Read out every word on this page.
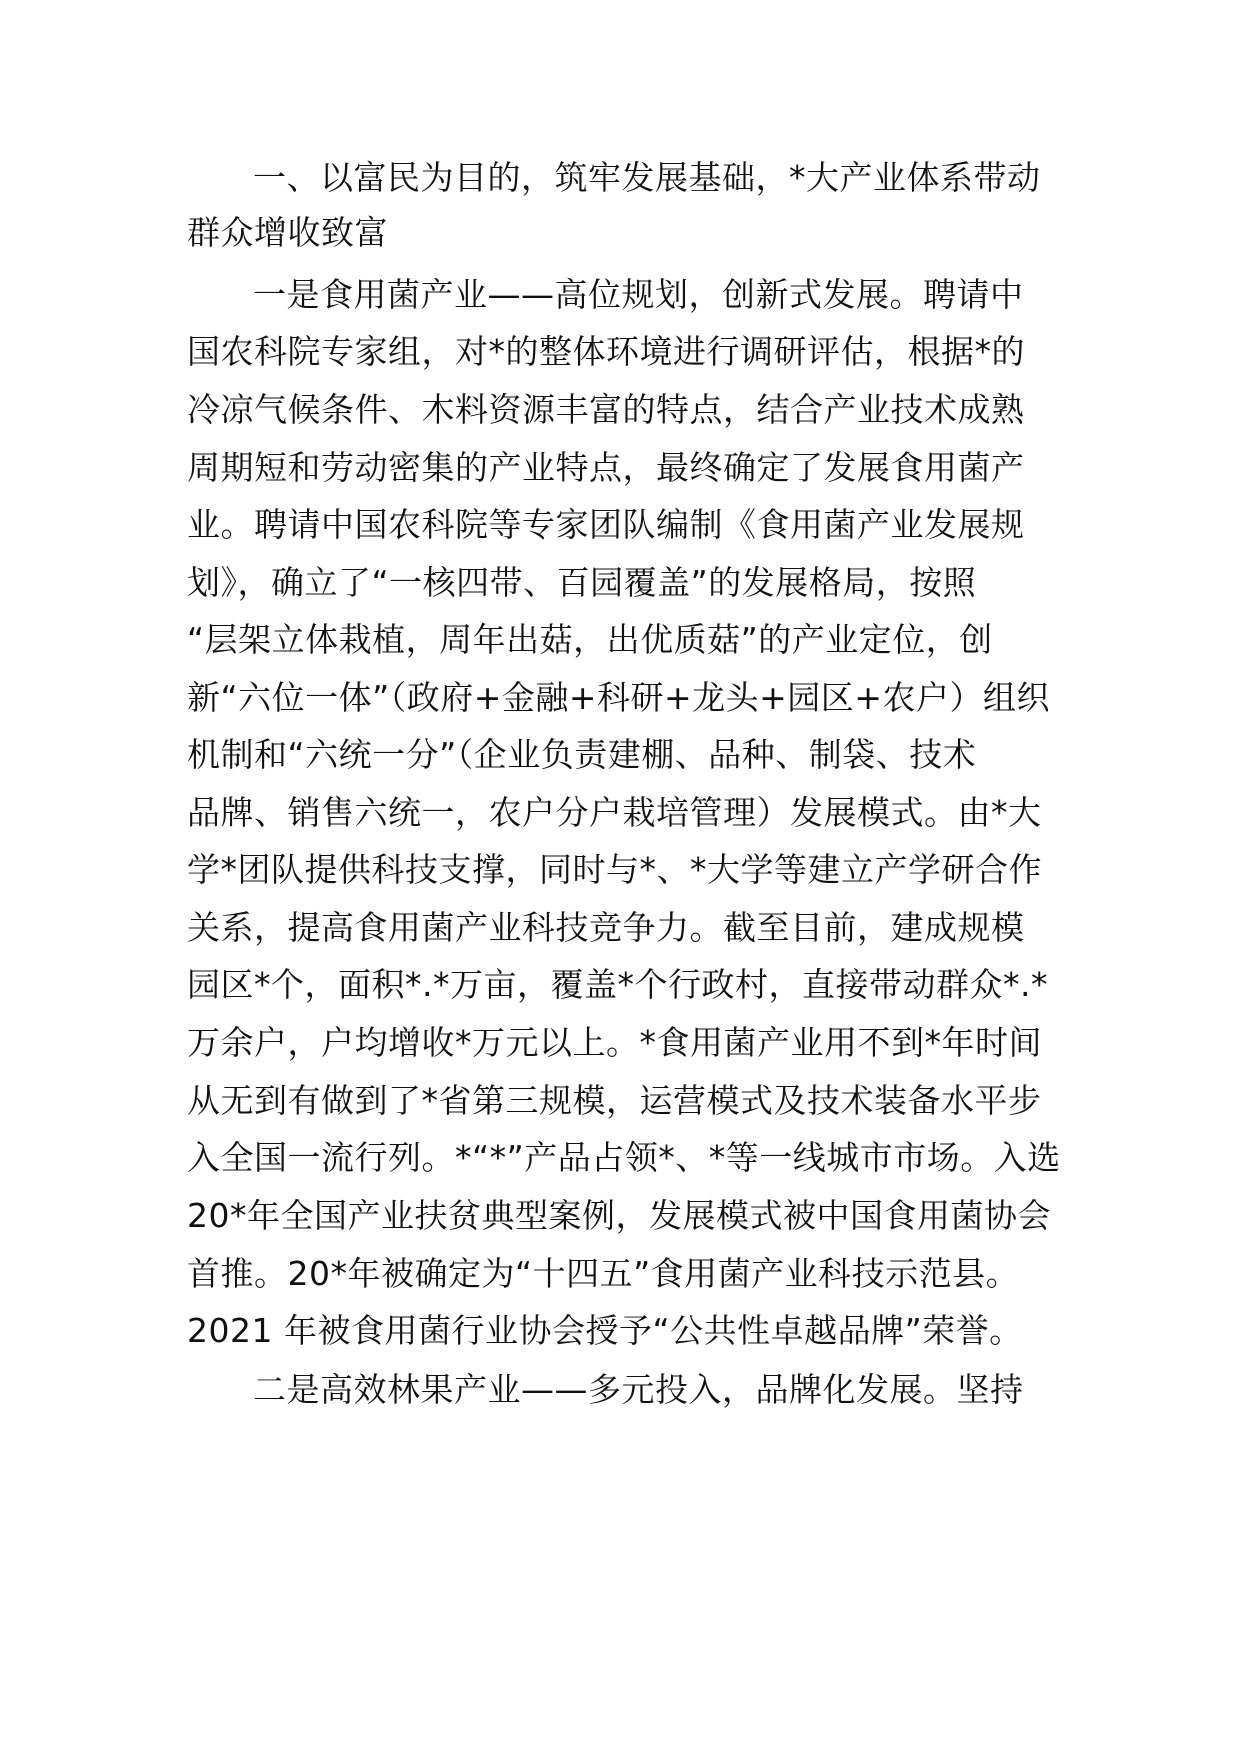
一、以富民为目的，筑牢发展基础，*大产业体系带动
群众增收致富
一是食用菌产业——高位规划，创新式发展。聘请中
国农科院专家组，对*的整体环境进行调研评估，根据*的
冷凉气候条件、木料资源丰富的特点，结合产业技术成熟
周期短和劳动密集的产业特点，最终确定了发展食用菌产
业。聘请中国农科院等专家团队编制《食用菌产业发展规
划》，确立了“一核四带、百园覆盖”的发展格局，按照
“层架立体栽植，周年出菇，出优质菇”的产业定位，创
新“六位一体”（政府+金融+科研+龙头+园区+农户）组织
机制和“六统一分”（企业负责建棚、品种、制袋、技术
品牌、销售六统一，农户分户栽培管理）发展模式。由*大
学*团队提供科技支撑，同时与*、*大学等建立产学研合作
关系，提高食用菌产业科技竞争力。截至目前，建成规模
园区*个，面积*.*万亩，覆盖*个行政村，直接带动群众*.*
万余户，户均增收*万元以上。*食用菌产业用不到*年时间
从无到有做到了*省第三规模，运营模式及技术装备水平步
入全国一流行列。*“*”产品占领*、*等一线城市市场。入选
20*年全国产业扶贫典型案例，发展模式被中国食用菌协会
首推。20*年被确定为“十四五”食用菌产业科技示范县。
2021 年被食用菌行业协会授予“公共性卓越品牌”荣誉。
二是高效林果产业——多元投入，品牌化发展。坚持
